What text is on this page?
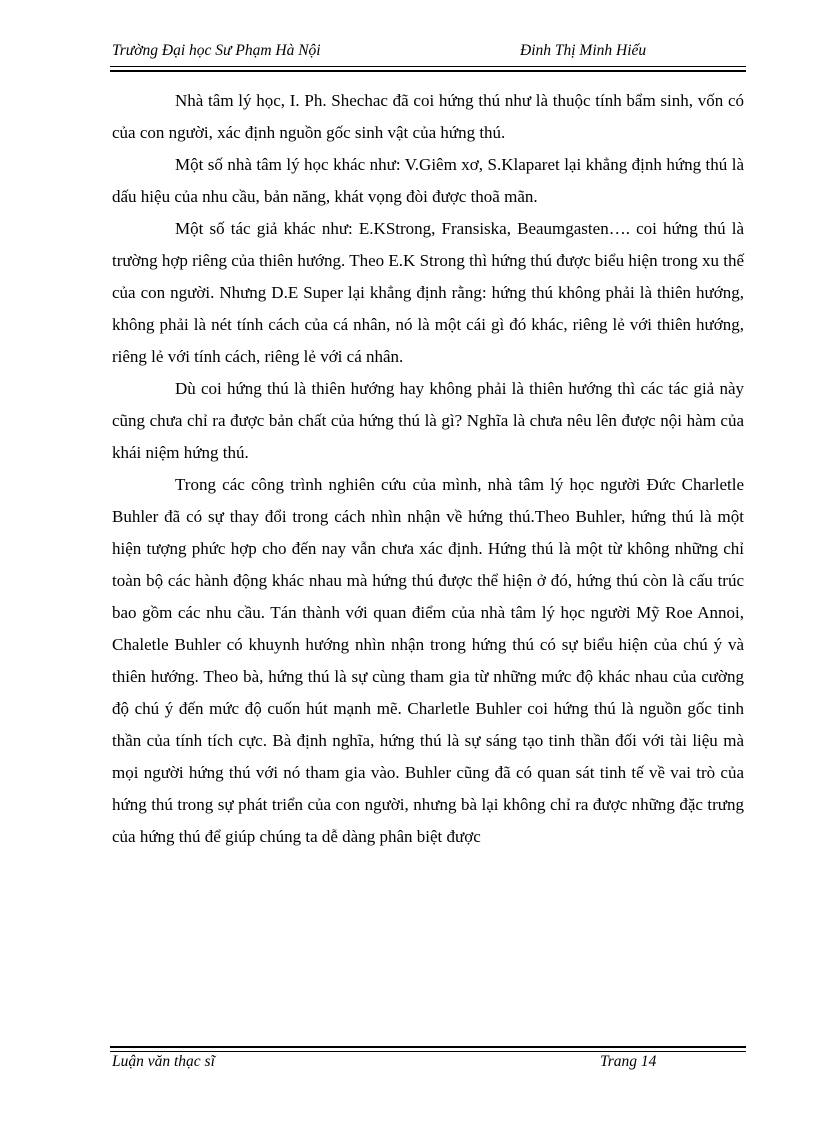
Trường Đại học Sư Phạm Hà Nội	Đinh Thị Minh Hiếu

Nhà tâm lý học, I. Ph. Shechac đã coi hứng thú như là thuộc tính bẩm sinh, vốn có của con người, xác định nguồn gốc sinh vật của hứng thú.

Một số nhà tâm lý học khác như: V.Giêm xơ, S.Klaparet lại khẳng định hứng thú là dấu hiệu của nhu cầu, bản năng, khát vọng đòi được thoã mãn.

Một số tác giả khác như: E.KStrong, Fransiska, Beaumgasten…. coi hứng thú là trường hợp riêng của thiên hướng. Theo E.K Strong thì hứng thú được biểu hiện trong xu thế của con người. Nhưng D.E Super lại khẳng định rằng: hứng thú không phải là thiên hướng, không phải là nét tính cách của cá nhân, nó là một cái gì đó khác, riêng lẻ với thiên hướng, riêng lẻ với tính cách, riêng lẻ với cá nhân.

Dù coi hứng thú là thiên hướng hay không phải là thiên hướng thì các tác giả này cũng chưa chỉ ra được bản chất của hứng thú là gì? Nghĩa là chưa nêu lên được nội hàm của khái niệm hứng thú.

Trong các công trình nghiên cứu của mình, nhà tâm lý học người Đức Charletle Buhler đã có sự thay đổi trong cách nhìn nhận về hứng thú.Theo Buhler, hứng thú là một hiện tượng phức hợp cho đến nay vẫn chưa xác định. Hứng thú là một từ không những chỉ toàn bộ các hành động khác nhau mà hứng thú được thể hiện ở đó, hứng thú còn là cấu trúc bao gồm các nhu cầu. Tán thành với quan điểm của nhà tâm lý học người Mỹ Roe Annoi, Chaletle Buhler có khuynh hướng nhìn nhận trong hứng thú có sự biểu hiện của chú ý và thiên hướng. Theo bà, hứng thú là sự cùng tham gia từ những mức độ khác nhau của cường độ chú ý đến mức độ cuốn hút mạnh mẽ. Charletle Buhler coi hứng thú là nguồn gốc tinh thần của tính tích cực. Bà định nghĩa, hứng thú là sự sáng tạo tinh thần đối với tài liệu mà mọi người hứng thú với nó tham gia vào. Buhler cũng đã có quan sát tinh tế về vai trò của hứng thú trong sự phát triển của con người, nhưng bà lại không chỉ ra được những đặc trưng của hứng thú để giúp chúng ta dễ dàng phân biệt được

Luận văn thạc sĩ	Trang 14
